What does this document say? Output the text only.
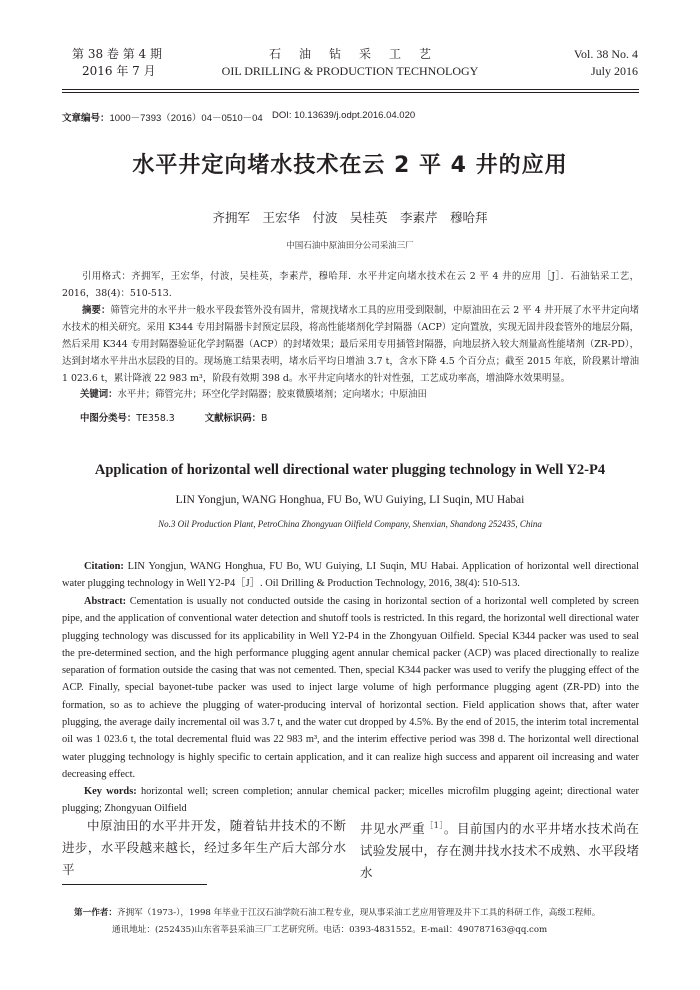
第 38 卷 第 4 期
2016 年 7 月
石油钻采工艺
OIL DRILLING & PRODUCTION TECHNOLOGY
Vol. 38 No. 4
July 2016
文章编号：1000－7393（2016）04－0510－04 DOI: 10.13639/j.odpt.2016.04.020
水平井定向堵水技术在云 2 平 4 井的应用
齐拥军　王宏华　付波　吴桂英　李素芹　穆哈拜
中国石油中原油田分公司采油三厂
引用格式：齐拥军，王宏华，付波，吴桂英，李素芹，穆哈拜．水平井定向堵水技术在云 2 平 4 井的应用［J］．石油钻采工艺，2016，38(4)：510-513.
摘要：筛管完井的水平井一般水平段套管外没有固井，常规找堵水工具的应用受到限制，中原油田在云 2 平 4 井开展了水平井定向堵水技术的相关研究。采用 K344 专用封隔器卡封预定层段，将高性能堵剂化学封隔器（ACP）定向置放，实现无固井段套管外的地层分隔，然后采用 K344 专用封隔器验证化学封隔器（ACP）的封堵效果；最后采用专用插管封隔器，向地层挤入较大剂量高性能堵剂（ZR-PD），达到封堵水平井出水层段的目的。现场施工结果表明，堵水后平均日增油 3.7 t，含水下降 4.5 个百分点；截至 2015 年底，阶段累计增油 1 023.6 t，累计降液 22 983 m³，阶段有效期 398 d。水平井定向堵水的针对性强，工艺成功率高，增油降水效果明显。
关键词：水平井；筛管完井；环空化学封隔器；胶束微膜堵剂；定向堵水；中原油田
中图分类号：TE358.3	文献标识码：B
Application of horizontal well directional water plugging technology in Well Y2-P4
LIN Yongjun, WANG Honghua, FU Bo, WU Guiying, LI Suqin, MU Habai
No.3 Oil Production Plant, PetroChina Zhongyuan Oilfield Company, Shenxian, Shandong 252435, China
Citation: LIN Yongjun, WANG Honghua, FU Bo, WU Guiying, LI Suqin, MU Habai. Application of horizontal well directional water plugging technology in Well Y2-P4［J］. Oil Drilling & Production Technology, 2016, 38(4): 510-513.
Abstract: Cementation is usually not conducted outside the casing in horizontal section of a horizontal well completed by screen pipe, and the application of conventional water detection and shutoff tools is restricted. In this regard, the horizontal well directional water plugging technology was discussed for its applicability in Well Y2-P4 in the Zhongyuan Oilfield. Special K344 packer was used to seal the pre-determined section, and the high performance plugging agent annular chemical packer (ACP) was placed directionally to realize separation of formation outside the casing that was not cemented. Then, special K344 packer was used to verify the plugging effect of the ACP. Finally, special bayonet-tube packer was used to inject large volume of high performance plugging agent (ZR-PD) into the formation, so as to achieve the plugging of water-producing interval of horizontal section. Field application shows that, after water plugging, the average daily incremental oil was 3.7 t, and the water cut dropped by 4.5%. By the end of 2015, the interim total incremental oil was 1 023.6 t, the total decremental fluid was 22 983 m³, and the interim effective period was 398 d. The horizontal well directional water plugging technology is highly specific to certain application, and it can realize high success and apparent oil increasing and water decreasing effect.
Key words: horizontal well; screen completion; annular chemical packer; micelles microfilm plugging ageint; directional water plugging; Zhongyuan Oilfield
中原油田的水平井开发，随着钻井技术的不断进步，水平段越来越长，经过多年生产后大部分水平
井见水严重$^{[1]}$。目前国内的水平井堵水技术尚在试验发展中，存在测井找水技术不成熟、水平段堵水
第一作者：齐拥军（1973-），1998 年毕业于江汉石油学院石油工程专业，现从事采油工艺应用管理及井下工具的科研工作，高级工程师。
通讯地址：(252435)山东省莘县采油三厂工艺研究所。电话：0393-4831552。E-mail：490787163@qq.com
